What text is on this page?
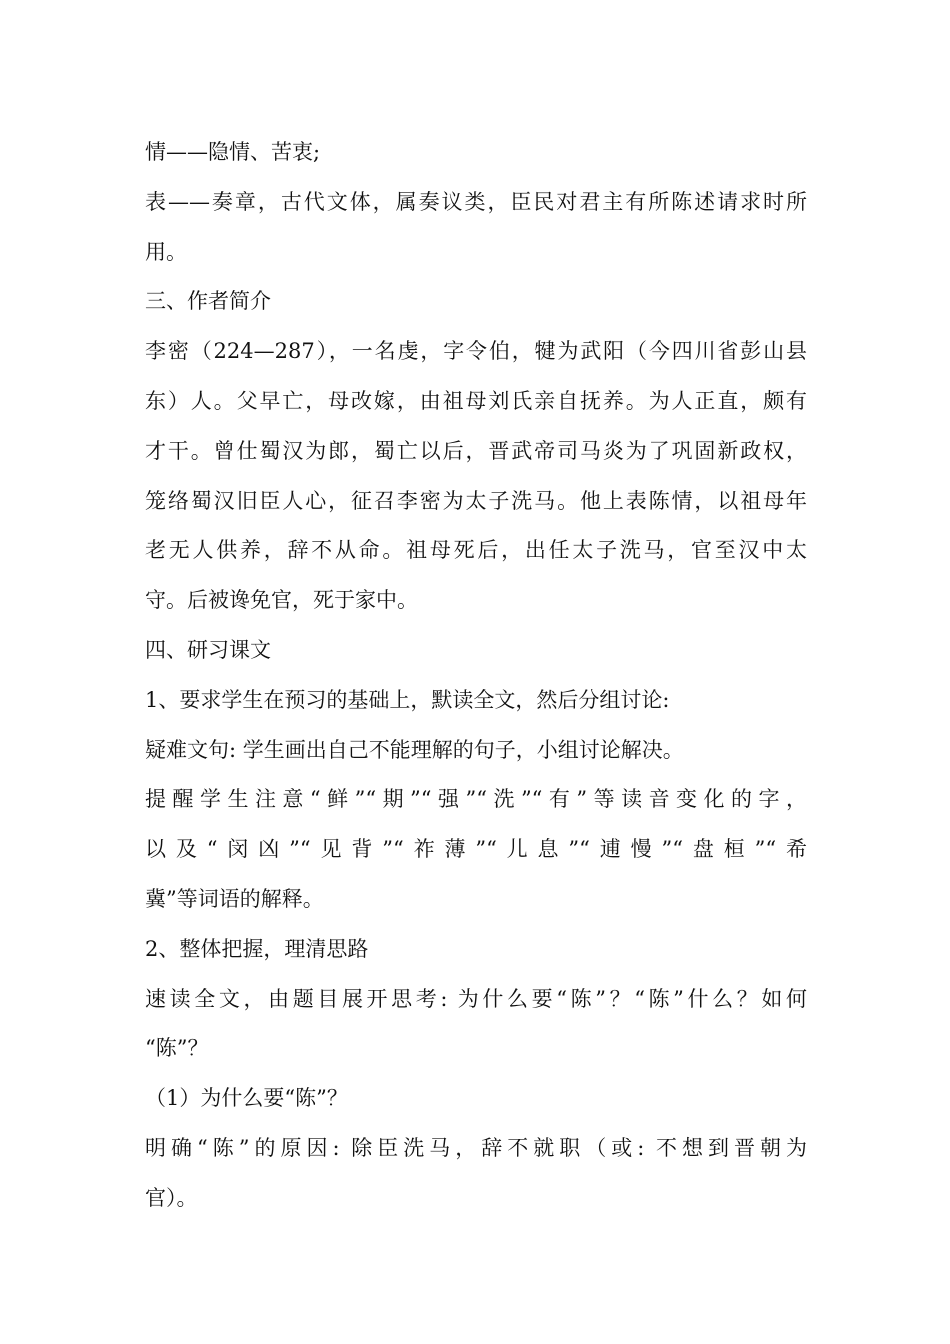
情——隐情、苦衷;
表——奏章，古代文体，属奏议类，臣民对君主有所陈述请求时所
用。
三、作者简介
李密（224—287），一名虔，字令伯，犍为武阳（今四川省彭山县
东）人。父早亡，母改嫁，由祖母刘氏亲自抚养。为人正直，颇有
才干。曾仕蜀汉为郎，蜀亡以后，晋武帝司马炎为了巩固新政权，
笼络蜀汉旧臣人心，征召李密为太子洗马。他上表陈情，以祖母年
老无人供养，辞不从命。祖母死后，出任太子洗马，官至汉中太
守。后被谗免官，死于家中。
四、研习课文
1、要求学生在预习的基础上，默读全文，然后分组讨论:
疑难文句: 学生画出自己不能理解的句子，小组讨论解决。
提醒学生注意“鲜”“期”“强”“洗”“有”等读音变化的字，
以及“闵凶”“见背”“祚薄”“儿息”“逋慢”“盘桓”“希
冀”等词语的解释。
2、整体把握，理清思路
速读全文，由题目展开思考: 为什么要“陈”？“陈”什么？如何
“陈”？
（1）为什么要“陈”？
明确“陈”的原因: 除臣洗马，辞不就职（或: 不想到晋朝为
官）。
